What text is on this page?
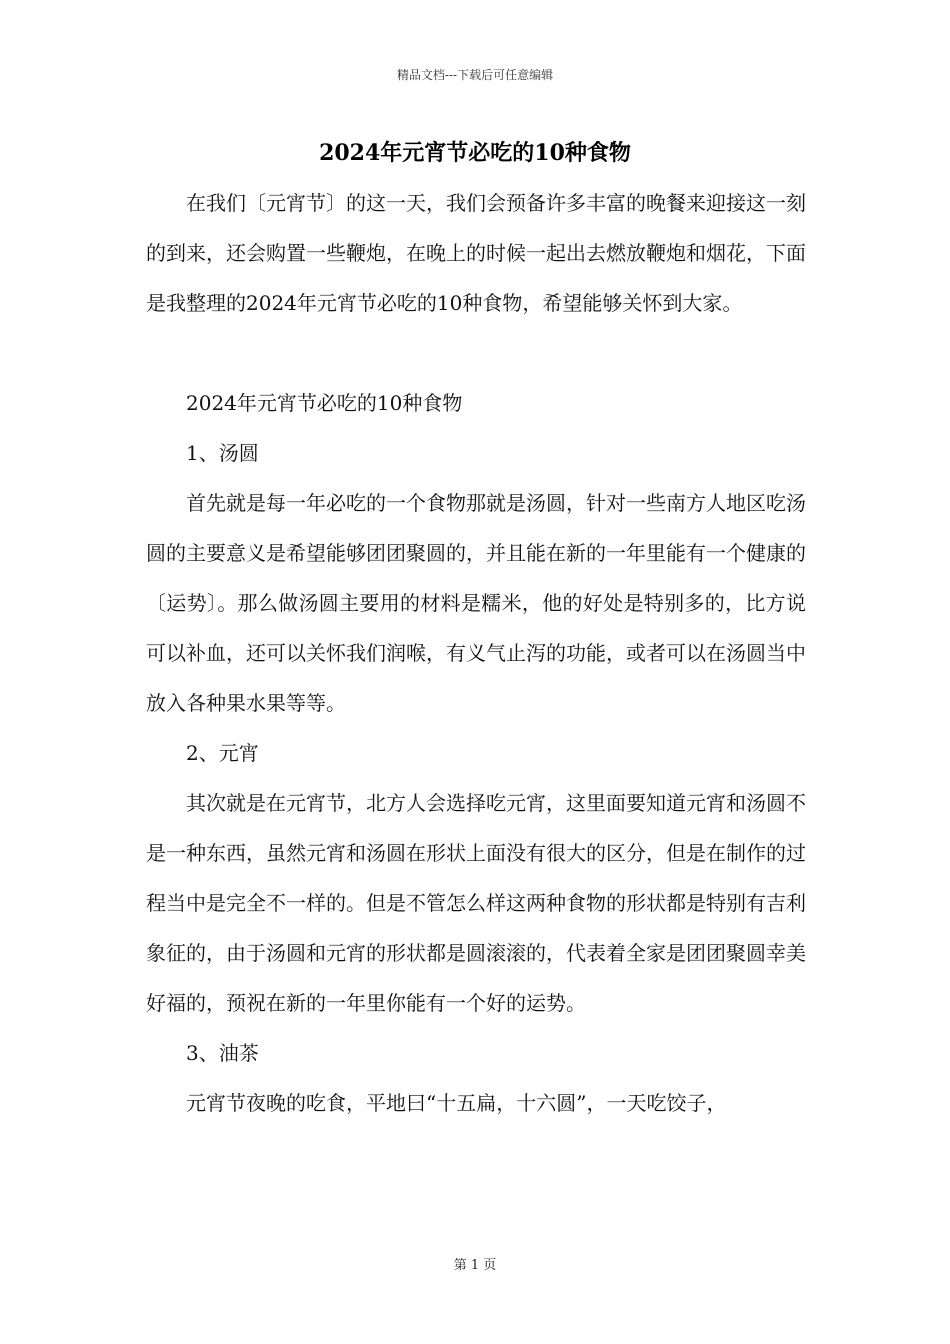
精品文档---下载后可任意编辑
2024年元宵节必吃的10种食物

在我们〔元宵节〕的这一天，我们会预备许多丰富的晚餐来迎接这一刻的到来，还会购置一些鞭炮，在晚上的时候一起出去燃放鞭炮和烟花，下面是我整理的2024年元宵节必吃的10种食物，希望能够关怀到大家。

2024年元宵节必吃的10种食物

1、汤圆

首先就是每一年必吃的一个食物那就是汤圆，针对一些南方人地区吃汤圆的主要意义是希望能够团团聚圆的，并且能在新的一年里能有一个健康的〔运势〕。那么做汤圆主要用的材料是糯米，他的好处是特别多的，比方说可以补血，还可以关怀我们润喉，有义气止泻的功能，或者可以在汤圆当中放入各种果水果等等。

2、元宵

其次就是在元宵节，北方人会选择吃元宵，这里面要知道元宵和汤圆不是一种东西，虽然元宵和汤圆在形状上面没有很大的区分，但是在制作的过程当中是完全不一样的。但是不管怎么样这两种食物的形状都是特别有吉利象征的，由于汤圆和元宵的形状都是圆滚滚的，代表着全家是团团聚圆幸美好福的，预祝在新的一年里你能有一个好的运势。

3、油茶

元宵节夜晚的吃食，平地曰“十五扁，十六圆”，一天吃饺子，

第 1 页
